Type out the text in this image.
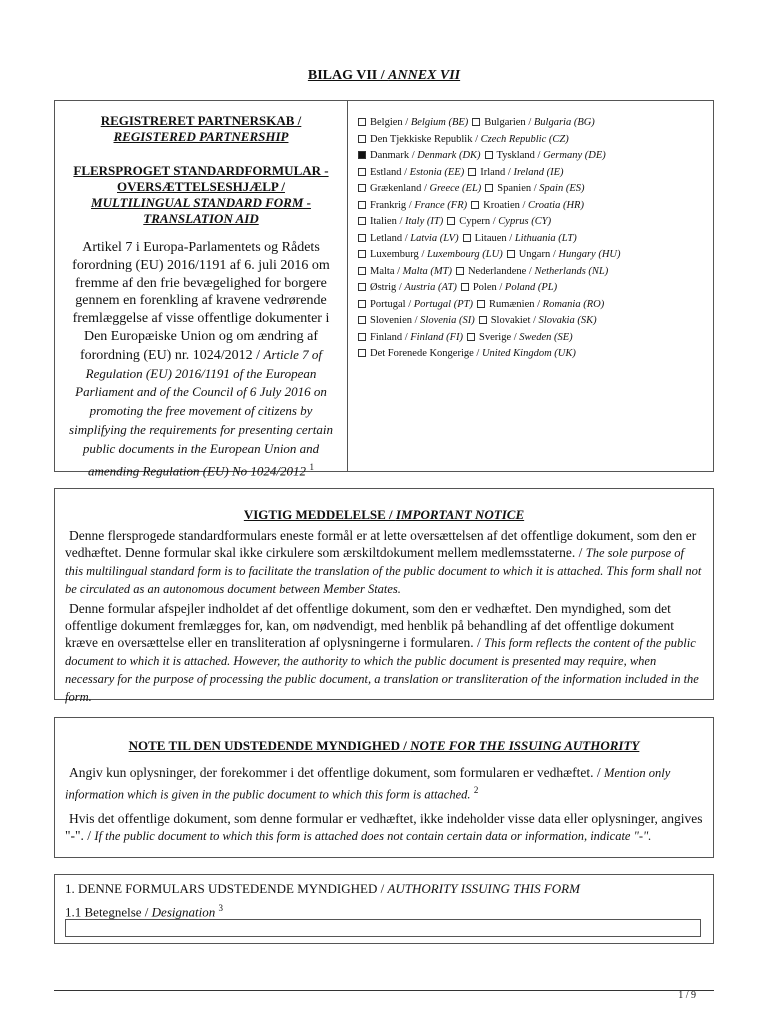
BILAG VII / ANNEX VII
REGISTRERET PARTNERSKAB /
REGISTERED PARTNERSHIP
FLERSPROGET STANDARDFORMULAR - OVERSÆTTELSESHJÆLP /
MULTILINGUAL STANDARD FORM - TRANSLATION AID
Artikel 7 i Europa-Parlamentets og Rådets forordning (EU) 2016/1191 af 6. juli 2016 om fremme af den frie bevægelighed for borgere gennem en forenkling af kravene vedrørende fremlæggelse af visse offentlige dokumenter i Den Europæiske Union og om ændring af forordning (EU) nr. 1024/2012 / Article 7 of Regulation (EU) 2016/1191 of the European Parliament and of the Council of 6 July 2016 on promoting the free movement of citizens by simplifying the requirements for presenting certain public documents in the European Union and amending Regulation (EU) No 1024/2012 $^1$
Belgien / Belgium (BE) Bulgarien / Bulgaria (BG)
Den Tjekkiske Republik / Czech Republic (CZ)
Danmark / Denmark (DK) Tyskland / Germany (DE)
Estland / Estonia (EE) Irland / Ireland (IE)
Grækenland / Greece (EL) Spanien / Spain (ES)
Frankrig / France (FR) Kroatien / Croatia (HR)
Italien / Italy (IT) Cypern / Cyprus (CY)
Letland / Latvia (LV) Litauen / Lithuania (LT)
Luxemburg / Luxembourg (LU) Ungarn / Hungary (HU)
Malta / Malta (MT) Nederlandene / Netherlands (NL)
Østrig / Austria (AT) Polen / Poland (PL)
Portugal / Portugal (PT) Rumænien / Romania (RO)
Slovenien / Slovenia (SI) Slovakiet / Slovakia (SK)
Finland / Finland (FI) Sverige / Sweden (SE)
Det Forenede Kongerige / United Kingdom (UK)
VIGTIG MEDDELELSE / IMPORTANT NOTICE
Denne flersprogede standardformulars eneste formål er at lette oversættelsen af det offentlige dokument, som den er vedhæftet. Denne formular skal ikke cirkulere som ærskiltdokument mellem medlemsstaterne. / The sole purpose of this multilingual standard form is to facilitate the translation of the public document to which it is attached. This form shall not be circulated as an autonomous document between Member States.
Denne formular afspejler indholdet af det offentlige dokument, som den er vedhæftet. Den myndighed, som det offentlige dokument fremlægges for, kan, om nødvendigt, med henblik på behandling af det offentlige dokument kræve en oversættelse eller en transliteration af oplysningerne i formularen. / This form reflects the content of the public document to which it is attached. However, the authority to which the public document is presented may require, when necessary for the purpose of processing the public document, a translation or transliteration of the information included in the form.
NOTE TIL DEN UDSTEDENDE MYNDIGHED / NOTE FOR THE ISSUING AUTHORITY
Angiv kun oplysninger, der forekommer i det offentlige dokument, som formularen er vedhæftet. / Mention only information which is given in the public document to which this form is attached. $^2$
Hvis det offentlige dokument, som denne formular er vedhæftet, ikke indeholder visse data eller oplysninger, angives "-". / If the public document to which this form is attached does not contain certain data or information, indicate "-".
1. DENNE FORMULARS UDSTEDENDE MYNDIGHED / AUTHORITY ISSUING THIS FORM
1.1 Betegnelse / Designation $^3$
1 / 9
